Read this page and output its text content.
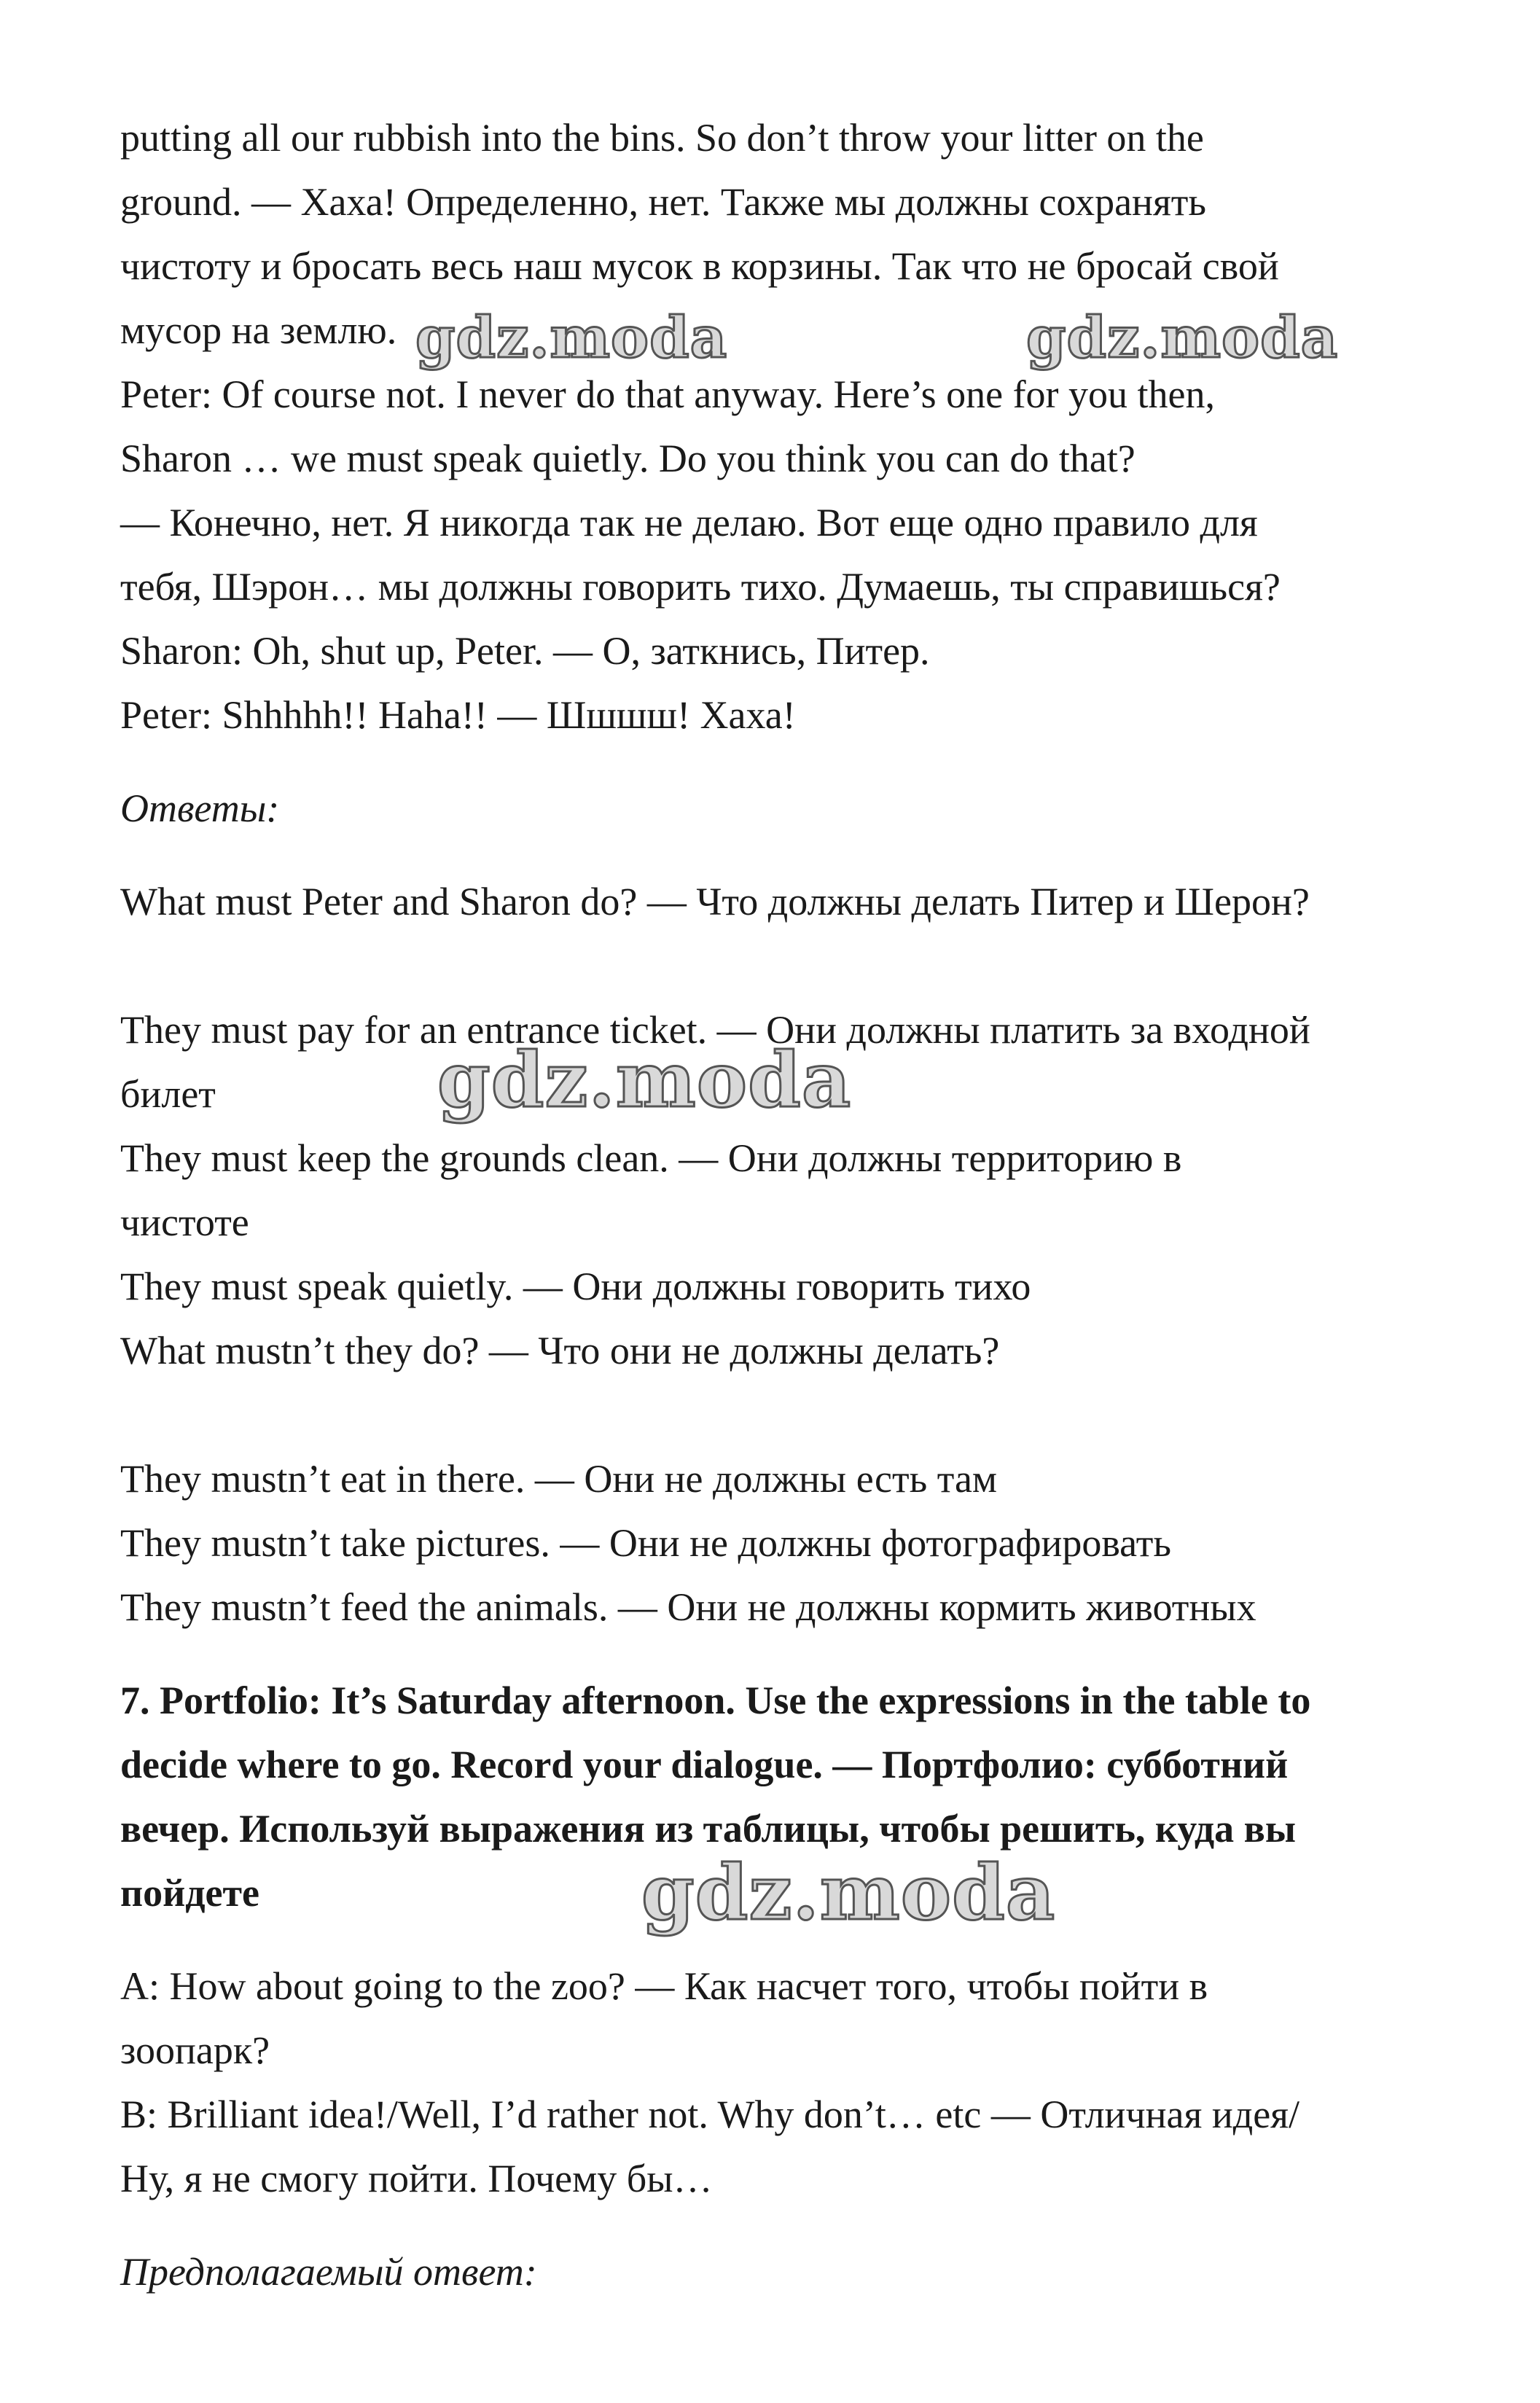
putting all our rubbish into the bins. So don’t throw your litter on the
ground. — Хаха! Определенно, нет. Также мы должны сохранять
чистоту и бросать весь наш мусок в корзины. Так что не бросай свой
мусор на землю.
Peter: Of course not. I never do that anyway. Here’s one for you then,
Sharon … we must speak quietly. Do you think you can do that?
— Конечно, нет. Я никогда так не делаю. Вот еще одно правило для
тебя, Шэрон… мы должны говорить тихо. Думаешь, ты справишься?
Sharon: Oh, shut up, Peter. — О, заткнись, Питер.
Peter: Shhhhh!! Haha!! — Шшшш! Хаха!
Ответы:
What must Peter and Sharon do? — Что должны делать Питер и Шерон?
They must pay for an entrance ticket. — Они должны платить за входной
билет
They must keep the grounds clean. — Они должны территорию в
чистоте
They must speak quietly. — Они должны говорить тихо
What mustn’t they do? — Что они не должны делать?
They mustn’t eat in there. — Они не должны есть там
They mustn’t take pictures. — Они не должны фотографировать
They mustn’t feed the animals. — Они не должны кормить животных
7. Portfolio: It’s Saturday afternoon. Use the expressions in the table to
decide where to go. Record your dialogue. — Портфолио: субботний
вечер. Используй выражения из таблицы, чтобы решить, куда вы
пойдете
A: How about going to the zoo? — Как насчет того, чтобы пойти в
зоопарк?
B: Brilliant idea!/Well, I’d rather not. Why don’t… etc — Отличная идея/
Ну, я не смогу пойти. Почему бы…
Предполагаемый ответ:
gdz.moda	gdz.moda
gdz.moda
gdz.moda
